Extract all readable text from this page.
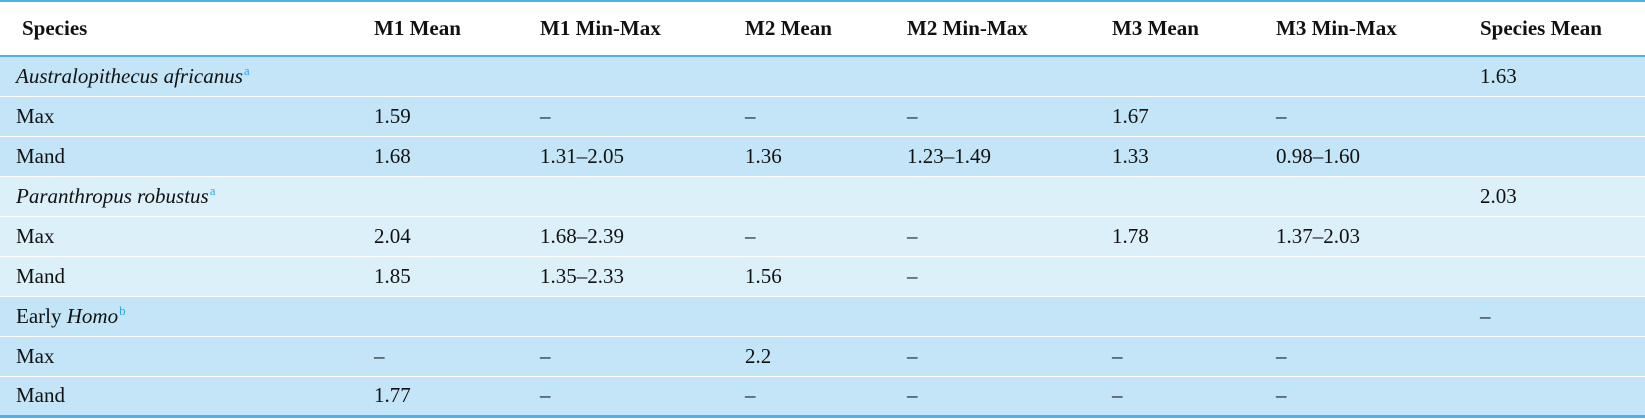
Species	M1 Mean	M1 Min-Max	M2 Mean	M2 Min-Max	M3 Mean	M3 Min-Max	Species Mean
Australopithecus africanus$^a$							1.63
Max	1.59	–	–	–	1.67	–	
Mand	1.68	1.31–2.05	1.36	1.23–1.49	1.33	0.98–1.60	
Paranthropus robustus$^a$							2.03
Max	2.04	1.68–2.39	–	–	1.78	1.37–2.03	
Mand	1.85	1.35–2.33	1.56	–			
Early Homo$^b$							–
Max	–	–	2.2	–	–	–	
Mand	1.77	–	–	–	–	–	
